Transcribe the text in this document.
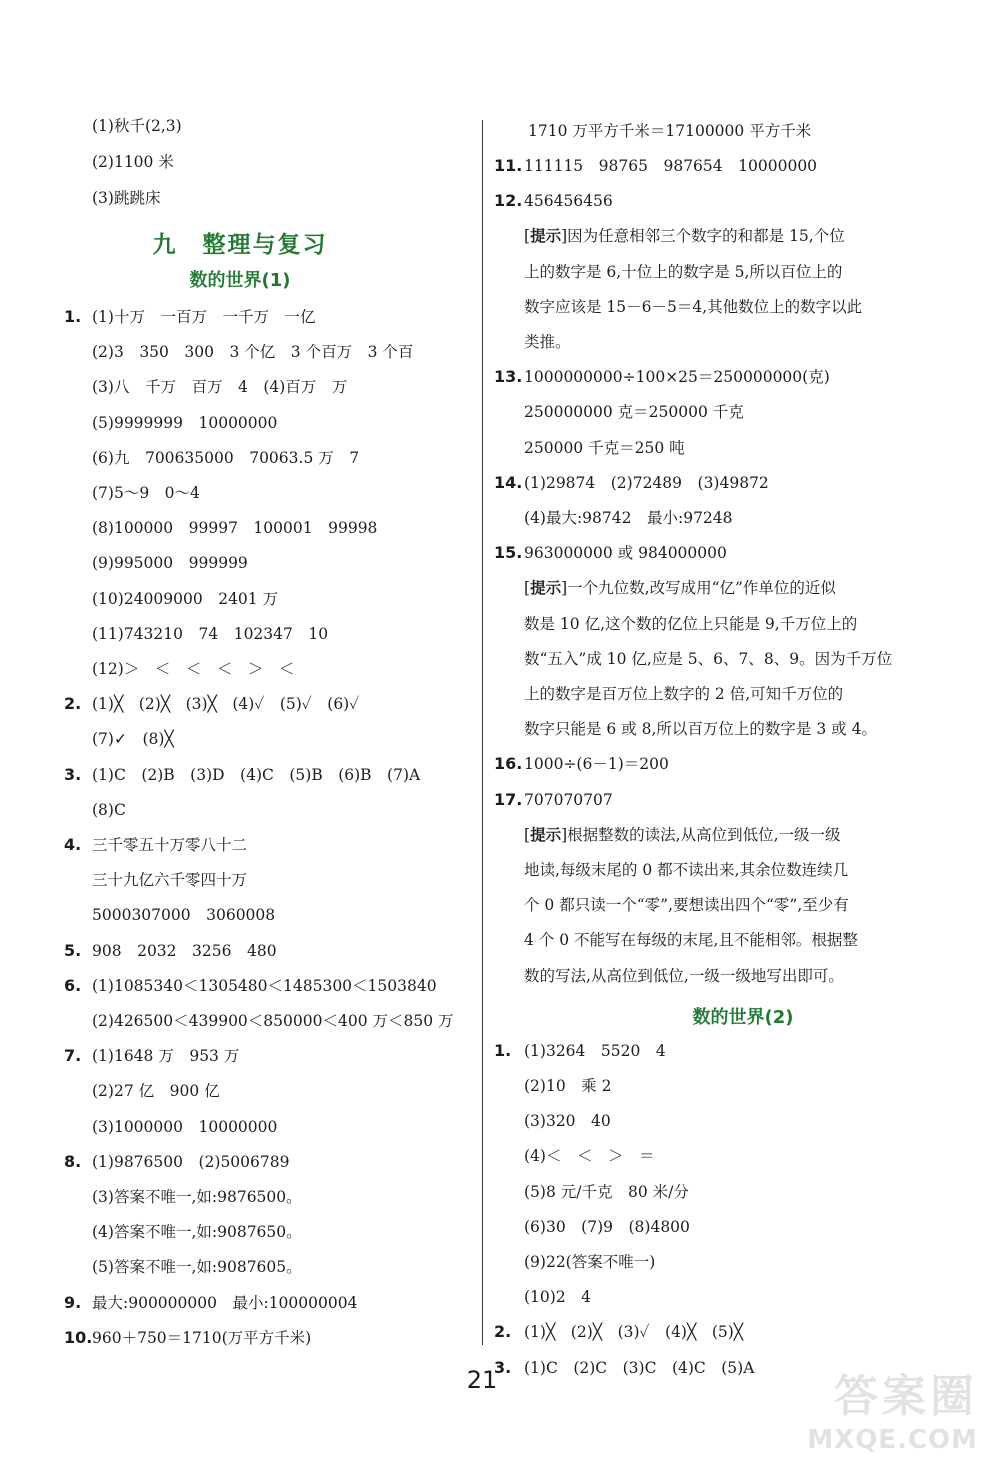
(1)秋千(2,3)
(2)1100 米
(3)跳跳床
九　整理与复习
数的世界(1)
1. (1)十万　一百万　一千万　一亿
(2)3　350　300　3 个亿　3 个百万　3 个百
(3)八　千万　百万　4　(4)百万　万
(5)9999999　10000000
(6)九　700635000　70063.5 万　7
(7)5～9　0～4
(8)100000　99997　100001　99998
(9)995000　999999
(10)24009000　2401 万
(11)743210　74　102347　10
(12)＞　＜　＜　＜　＞　＜
2. (1)╳　(2)╳　(3)╳　(4)✓　(5)✓　(6)✓
(7)✓　(8)╳
3. (1)C　(2)B　(3)D　(4)C　(5)B　(6)B　(7)A
(8)C
4. 三千零五十万零八十二
三十九亿六千零四十万
5000307000　3060008
5. 908　2032　3256　480
6. (1)1085340＜1305480＜1485300＜1503840
(2)426500＜439900＜850000＜400 万＜850 万
7. (1)1648 万　953 万
(2)27 亿　900 亿
(3)1000000　10000000
8. (1)9876500　(2)5006789
(3)答案不唯一,如:9876500。
(4)答案不唯一,如:9087650。
(5)答案不唯一,如:9087605。
9. 最大:900000000　最小:100000004
10. 960＋750＝1710(万平方千米)
1710 万平方千米＝17100000 平方千米
11. 111115　98765　987654　10000000
12. 456456456
[提示]因为任意相邻三个数字的和都是 15,个位
上的数字是 6,十位上的数字是 5,所以百位上的
数字应该是 15－6－5＝4,其他数位上的数字以此
类推。
13. 1000000000÷100×25＝250000000(克)
250000000 克＝250000 千克
250000 千克＝250 吨
14. (1)29874　(2)72489　(3)49872
(4)最大:98742　最小:97248
15. 963000000 或 984000000
[提示]一个九位数,改写成用“亿”作单位的近似
数是 10 亿,这个数的亿位上只能是 9,千万位上的
数“五入”成 10 亿,应是 5、6、7、8、9。因为千万位
上的数字是百万位上数字的 2 倍,可知千万位的
数字只能是 6 或 8,所以百万位上的数字是 3 或 4。
16. 1000÷(6－1)＝200
17. 707070707
[提示]根据整数的读法,从高位到低位,一级一级
地读,每级末尾的 0 都不读出来,其余位数连续几
个 0 都只读一个“零”,要想读出四个“零”,至少有
4 个 0 不能写在每级的末尾,且不能相邻。根据整
数的写法,从高位到低位,一级一级地写出即可。
数的世界(2)
1. (1)3264　5520　4
(2)10　乘 2
(3)320　40
(4)＜　＜　＞　＝
(5)8 元/千克　80 米/分
(6)30　(7)9　(8)4800
(9)22(答案不唯一)
(10)2　4
2. (1)╳　(2)╳　(3)✓　(4)╳　(5)╳
3. (1)C　(2)C　(3)C　(4)C　(5)A
21	答案圈
MXQE.COM
